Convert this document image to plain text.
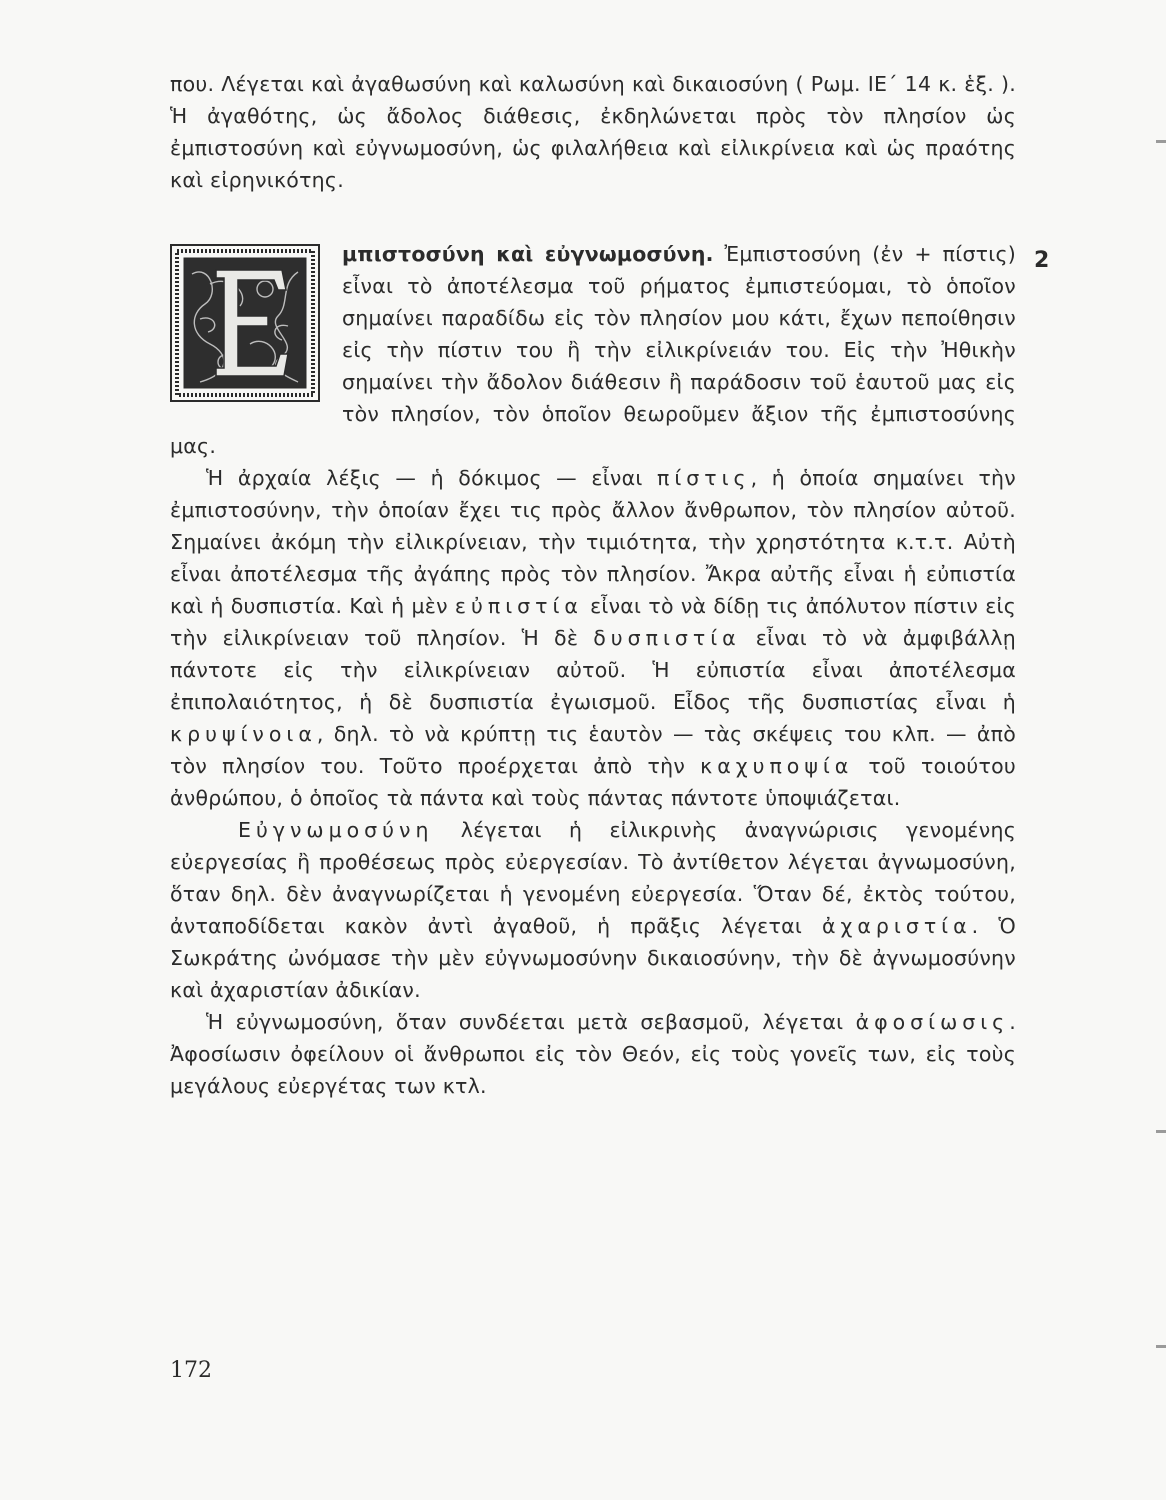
που. Λέγεται καὶ ἀγαθωσύνη καὶ καλωσύνη καὶ δικαιοσύνη ( Ρωμ. ΙΕ΄ 14 κ. ἑξ. ). Ἡ ἀγαθότης, ὡς ἄδολος διάθεσις, ἐκδηλώνεται πρὸς τὸν πλησίον ὡς ἐμπιστοσύνη καὶ εὐγνωμοσύνη, ὡς φιλαλήθεια καὶ εἰλικρίνεια καὶ ὡς πραότης καὶ εἰρηνικότης.

μπιστοσύνη καὶ εὐγνωμοσύνη. Ἐμπιστοσύνη (ἐν + πίστις) εἶναι τὸ ἀποτέλεσμα τοῦ ρήματος ἐμπιστεύομαι, τὸ ὁποῖον σημαίνει παραδίδω εἰς τὸν πλησίον μου κάτι, ἔχων πεποίθησιν εἰς τὴν πίστιν του ἢ τὴν εἰλικρίνειάν του. Εἰς τὴν Ἠθικὴν σημαίνει τὴν ἄδολον διάθεσιν ἢ παράδοσιν τοῦ ἑαυτοῦ μας εἰς τὸν πλησίον, τὸν ὁποῖον θεωροῦμεν ἄξιον τῆς ἐμπιστοσύνης μας.

Ἡ ἀρχαία λέξις — ἡ δόκιμος — εἶναι πίστις, ἡ ὁποία σημαίνει τὴν ἐμπιστοσύνην, τὴν ὁποίαν ἔχει τις πρὸς ἄλλον ἄνθρωπον, τὸν πλησίον αὐτοῦ. Σημαίνει ἀκόμη τὴν εἰλικρίνειαν, τὴν τιμιότητα, τὴν χρηστότητα κ.τ.τ. Αὐτὴ εἶναι ἀποτέλεσμα τῆς ἀγάπης πρὸς τὸν πλησίον. Ἄκρα αὐτῆς εἶναι ἡ εὐπιστία καὶ ἡ δυσπιστία. Καὶ ἡ μὲν εὐπιστία εἶναι τὸ νὰ δίδῃ τις ἀπόλυτον πίστιν εἰς τὴν εἰλικρίνειαν τοῦ πλησίον. Ἡ δὲ δυσπιστία εἶναι τὸ νὰ ἀμφιβάλλῃ πάντοτε εἰς τὴν εἰλικρίνειαν αὐτοῦ. Ἡ εὐπιστία εἶναι ἀποτέλεσμα ἐπιπολαιότητος, ἡ δὲ δυσπιστία ἐγωισμοῦ. Εἶδος τῆς δυσπιστίας εἶναι ἡ κρυψίνοια, δηλ. τὸ νὰ κρύπτῃ τις ἑαυτὸν — τὰς σκέψεις του κλπ. — ἀπὸ τὸν πλησίον του. Τοῦτο προέρχεται ἀπὸ τὴν καχυποψία τοῦ τοιούτου ἀνθρώπου, ὁ ὁποῖος τὰ πάντα καὶ τοὺς πάντας πάντοτε ὑποψιάζεται.

Εὐγνωμοσύνη λέγεται ἡ εἰλικρινὴς ἀναγνώρισις γενομένης εὐεργεσίας ἢ προθέσεως πρὸς εὐεργεσίαν. Τὸ ἀντίθετον λέγεται ἀγνωμοσύνη, ὅταν δηλ. δὲν ἀναγνωρίζεται ἡ γενομένη εὐεργεσία. Ὅταν δέ, ἐκτὸς τούτου, ἀνταποδίδεται κακὸν ἀντὶ ἀγαθοῦ, ἡ πρᾶξις λέγεται ἀχαριστία. Ὁ Σωκράτης ὠνόμασε τὴν μὲν εὐγνωμοσύνην δικαιοσύνην, τὴν δὲ ἀγνωμοσύνην καὶ ἀχαριστίαν ἀδικίαν.

Ἡ εὐγνωμοσύνη, ὅταν συνδέεται μετὰ σεβασμοῦ, λέγεται ἀφοσίωσις. Ἀφοσίωσιν ὀφείλουν οἱ ἄνθρωποι εἰς τὸν Θεόν, εἰς τοὺς γονεῖς των, εἰς τοὺς μεγάλους εὐεργέτας των κτλ.

2
172
